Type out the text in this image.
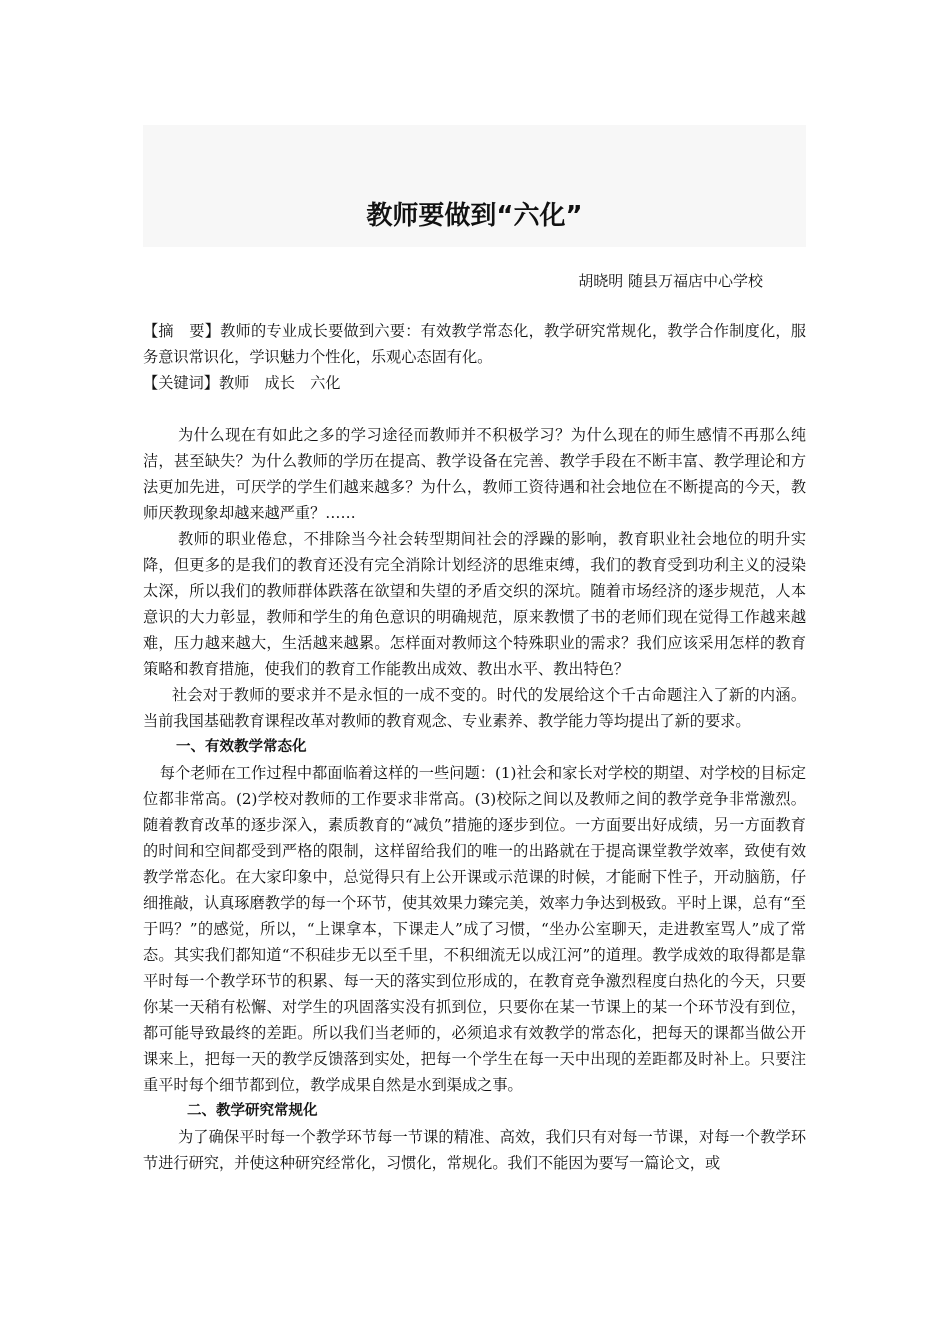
教师要做到“六化”
胡晓明 随县万福店中心学校

【摘　要】教师的专业成长要做到六要：有效教学常态化，教学研究常规化，教学合作制度化，服务意识常识化，学识魅力个性化，乐观心态固有化。

【关键词】教师　成长　六化

为什么现在有如此之多的学习途径而教师并不积极学习？为什么现在的师生感情不再那么纯洁，甚至缺失？为什么教师的学历在提高、教学设备在完善、教学手段在不断丰富、教学理论和方法更加先进，可厌学的学生们越来越多？为什么，教师工资待遇和社会地位在不断提高的今天，教师厌教现象却越来越严重？……

教师的职业倦怠，不排除当今社会转型期间社会的浮躁的影响，教育职业社会地位的明升实降，但更多的是我们的教育还没有完全消除计划经济的思维束缚，我们的教育受到功利主义的浸染太深，所以我们的教师群体跌落在欲望和失望的矛盾交织的深坑。随着市场经济的逐步规范，人本意识的大力彰显，教师和学生的角色意识的明确规范，原来教惯了书的老师们现在觉得工作越来越难，压力越来越大，生活越来越累。怎样面对教师这个特殊职业的需求？我们应该采用怎样的教育策略和教育措施，使我们的教育工作能教出成效、教出水平、教出特色？

社会对于教师的要求并不是永恒的一成不变的。时代的发展给这个千古命题注入了新的内涵。当前我国基础教育课程改革对教师的教育观念、专业素养、教学能力等均提出了新的要求。

一、有效教学常态化

每个老师在工作过程中都面临着这样的一些问题：(1)社会和家长对学校的期望、对学校的目标定位都非常高。(2)学校对教师的工作要求非常高。(3)校际之间以及教师之间的教学竞争非常激烈。随着教育改革的逐步深入，素质教育的“减负”措施的逐步到位。一方面要出好成绩，另一方面教育的时间和空间都受到严格的限制，这样留给我们的唯一的出路就在于提高课堂教学效率，致使有效教学常态化。在大家印象中，总觉得只有上公开课或示范课的时候，才能耐下性子，开动脑筋，仔细推敲，认真琢磨教学的每一个环节，使其效果力臻完美，效率力争达到极致。平时上课，总有“至于吗？”的感觉，所以，“上课拿本，下课走人”成了习惯，“坐办公室聊天，走进教室骂人”成了常态。其实我们都知道“不积硅步无以至千里，不积细流无以成江河”的道理。教学成效的取得都是靠平时每一个教学环节的积累、每一天的落实到位形成的，在教育竞争激烈程度白热化的今天，只要你某一天稍有松懈、对学生的巩固落实没有抓到位，只要你在某一节课上的某一个环节没有到位，都可能导致最终的差距。所以我们当老师的，必须追求有效教学的常态化，把每天的课都当做公开课来上，把每一天的教学反馈落到实处，把每一个学生在每一天中出现的差距都及时补上。只要注重平时每个细节都到位，教学成果自然是水到渠成之事。

二、教学研究常规化

为了确保平时每一个教学环节每一节课的精准、高效，我们只有对每一节课，对每一个教学环节进行研究，并使这种研究经常化，习惯化，常规化。我们不能因为要写一篇论文，或
